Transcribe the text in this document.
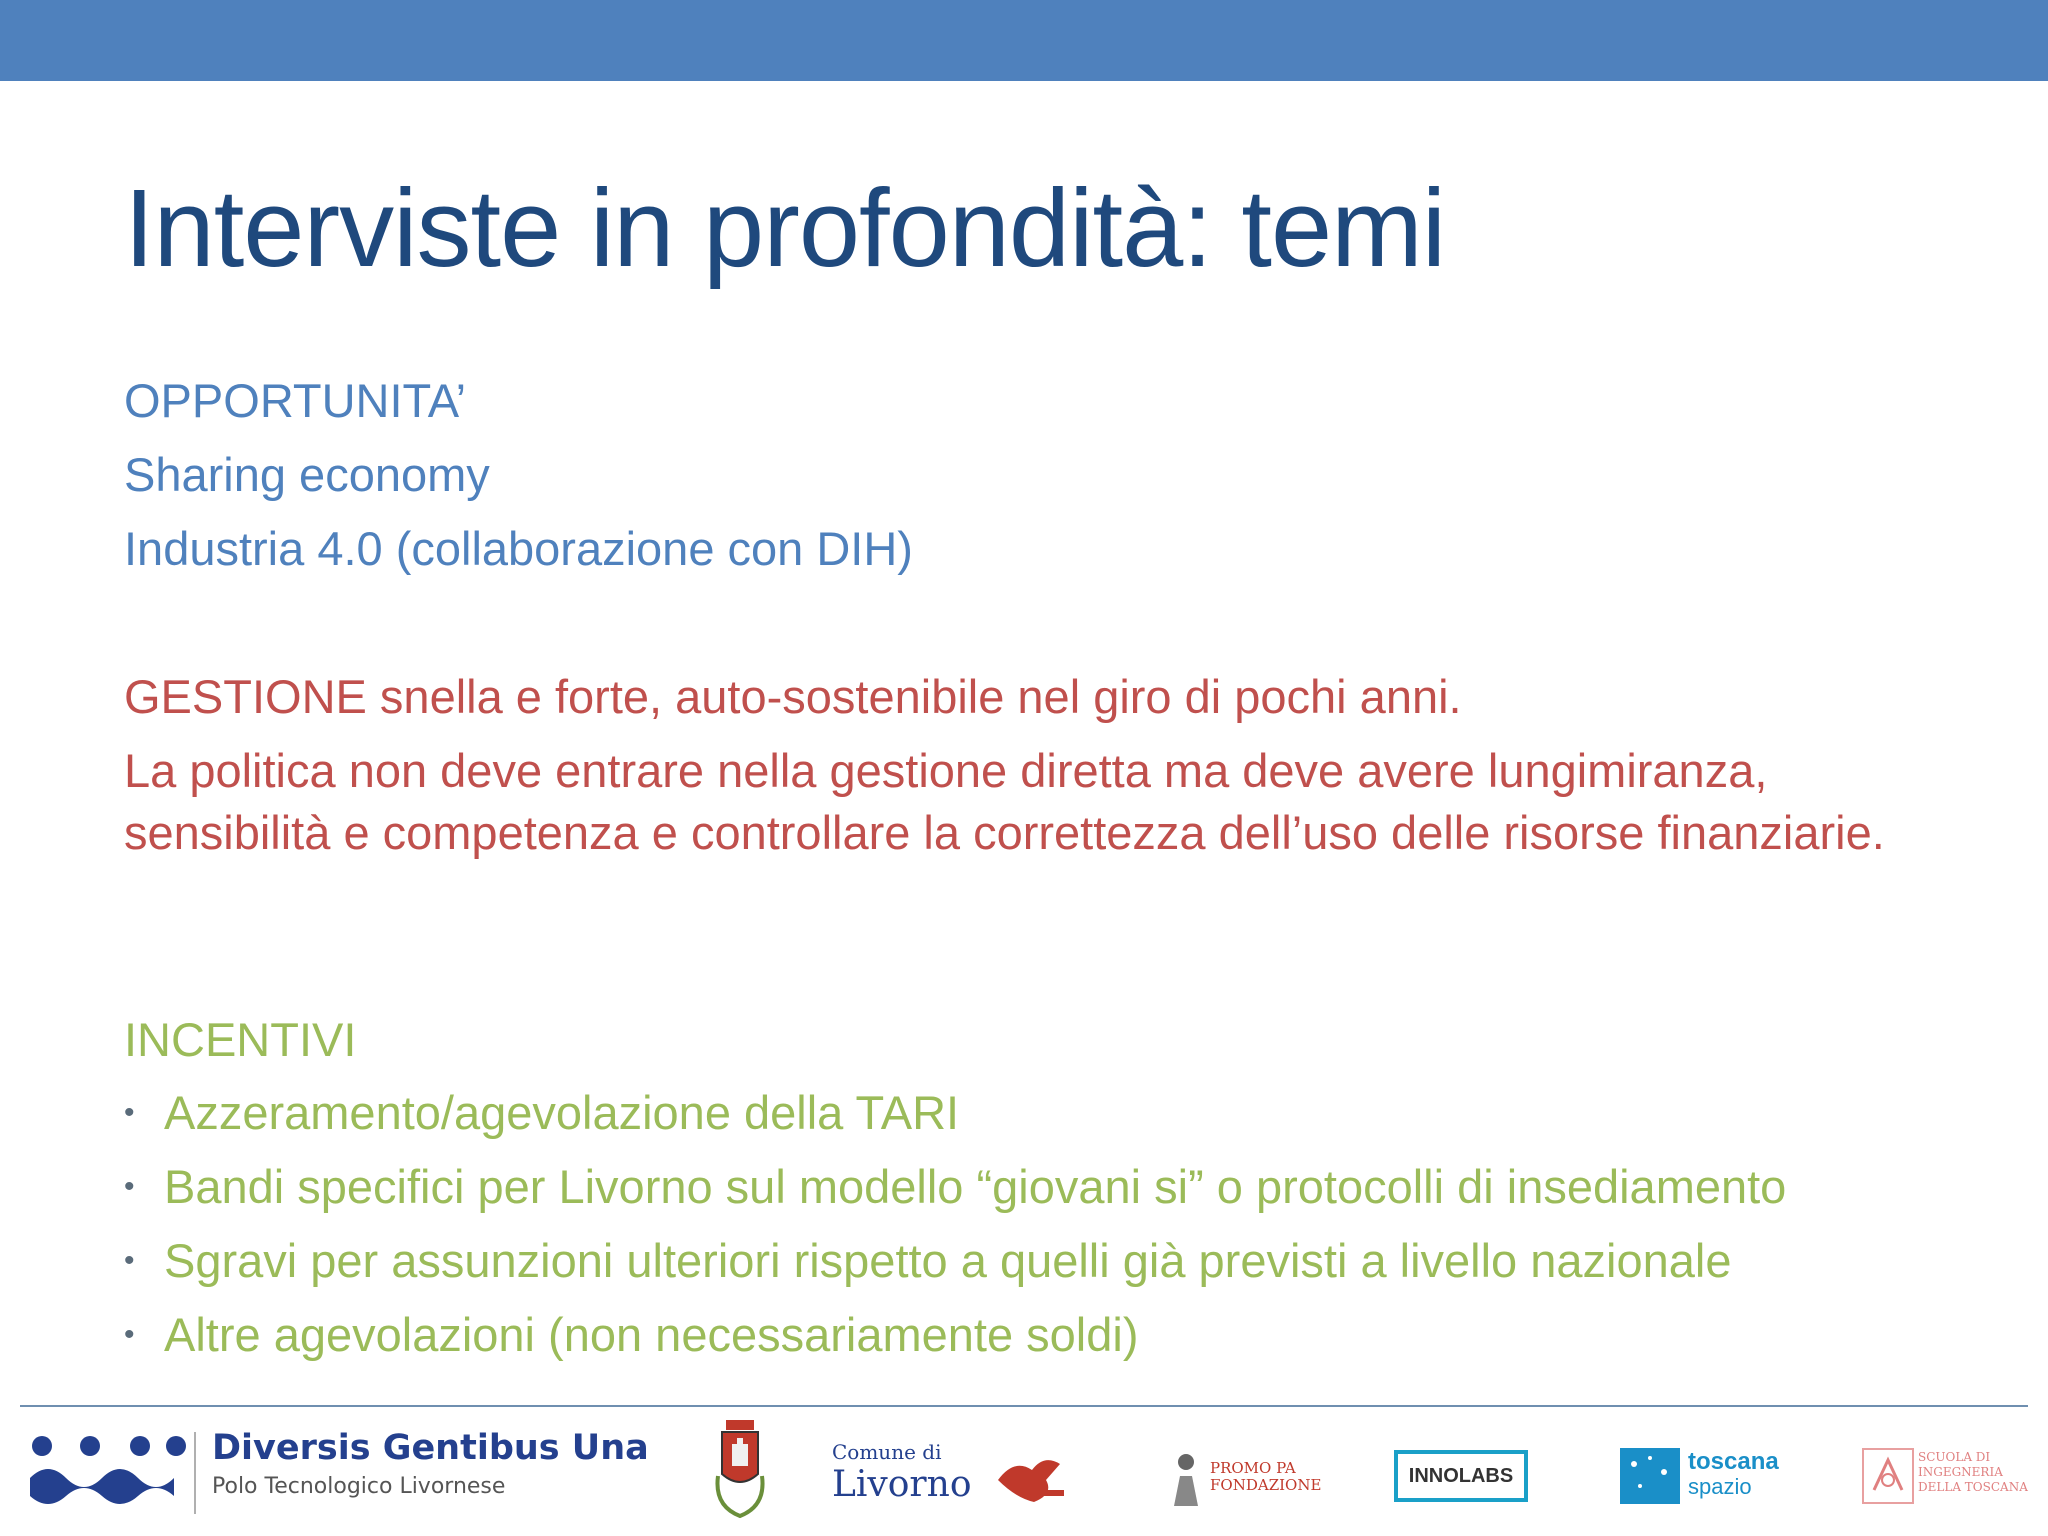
Interviste in profondità: temi
OPPORTUNITA’
Sharing economy
Industria 4.0 (collaborazione con DIH)
GESTIONE snella e forte, auto-sostenibile nel giro di pochi anni.
La politica non deve entrare nella gestione diretta ma deve avere lungimiranza, sensibilità e competenza e controllare la correttezza dell’uso delle risorse finanziarie.
INCENTIVI
• Azzeramento/agevolazione della TARI
• Bandi specifici per Livorno sul modello “giovani si” o protocolli di insediamento
• Sgravi per assunzioni ulteriori rispetto a quelli già previsti a livello nazionale
• Altre agevolazioni (non necessariamente soldi)
Diversis Gentibus Una
Polo Tecnologico Livornese
Comune di
Livorno	PROMO PA FONDAZIONE	INNOLABS
toscana
spazio
SCUOLA DI INGEGNERIA DELLA TOSCANA
